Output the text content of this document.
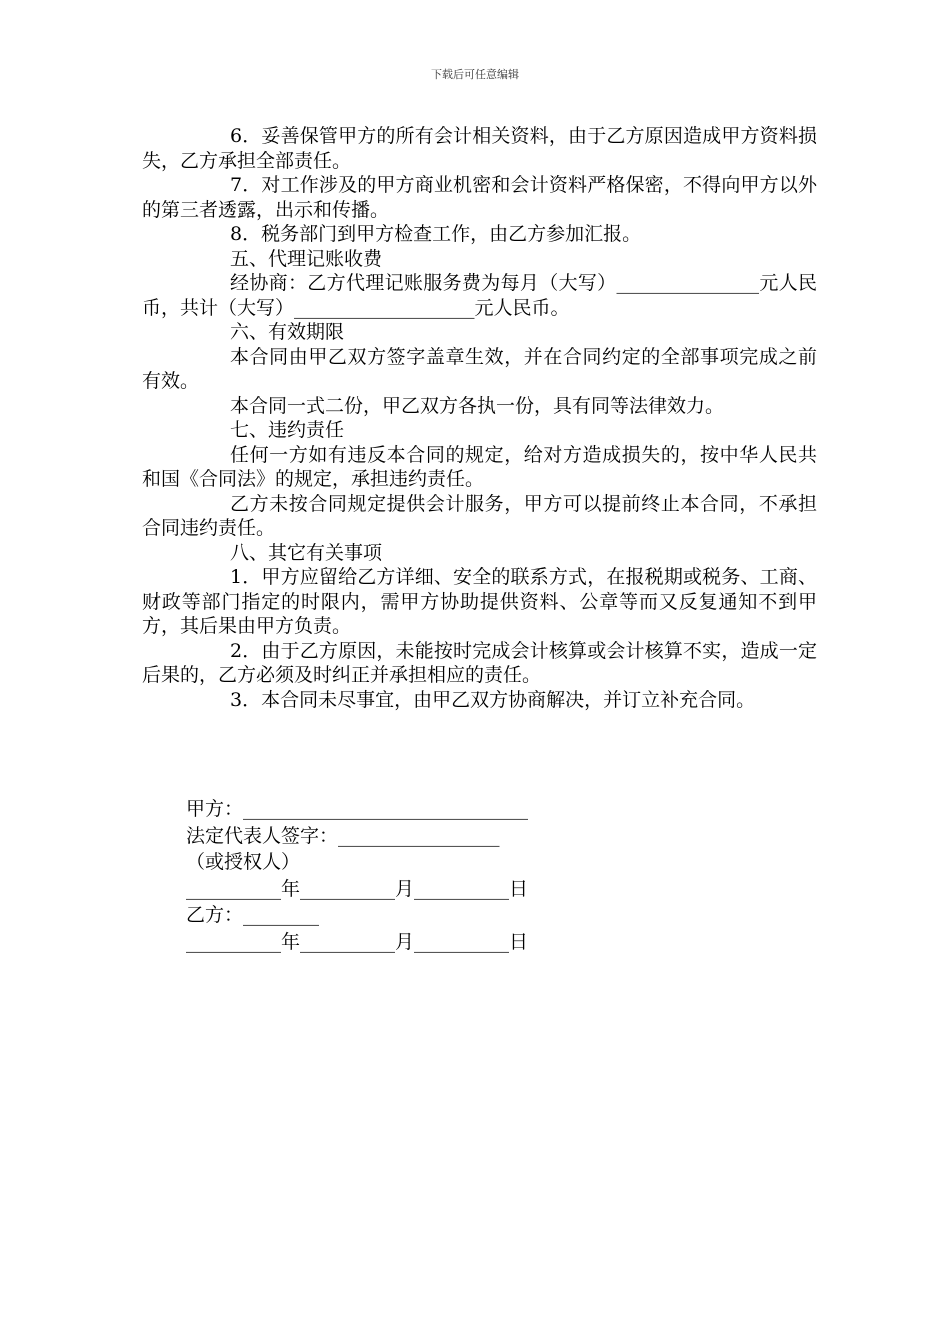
下载后可任意编辑

6．妥善保管甲方的所有会计相关资料，由于乙方原因造成甲方资料损失，乙方承担全部责任。

7．对工作涉及的甲方商业机密和会计资料严格保密，不得向甲方以外的第三者透露，出示和传播。

8．税务部门到甲方检查工作，由乙方参加汇报。

五、代理记账收费

经协商：乙方代理记账服务费为每月（大写）_______________元人民币，共计（大写）___________________元人民币。

六、有效期限

本合同由甲乙双方签字盖章生效，并在合同约定的全部事项完成之前有效。

本合同一式二份，甲乙双方各执一份，具有同等法律效力。

七、违约责任

任何一方如有违反本合同的规定，给对方造成损失的，按中华人民共和国《合同法》的规定，承担违约责任。

乙方未按合同规定提供会计服务，甲方可以提前终止本合同，不承担合同违约责任。

八、其它有关事项

1．甲方应留给乙方详细、安全的联系方式，在报税期或税务、工商、财政等部门指定的时限内，需甲方协助提供资料、公章等而又反复通知不到甲方，其后果由甲方负责。

2．由于乙方原因，未能按时完成会计核算或会计核算不实，造成一定后果的，乙方必须及时纠正并承担相应的责任。

3．本合同未尽事宜，由甲乙双方协商解决，并订立补充合同。

甲方：______________________________
法定代表人签字：_________________
（或授权人）
__________年__________月__________日
乙方：________
__________年__________月__________日
